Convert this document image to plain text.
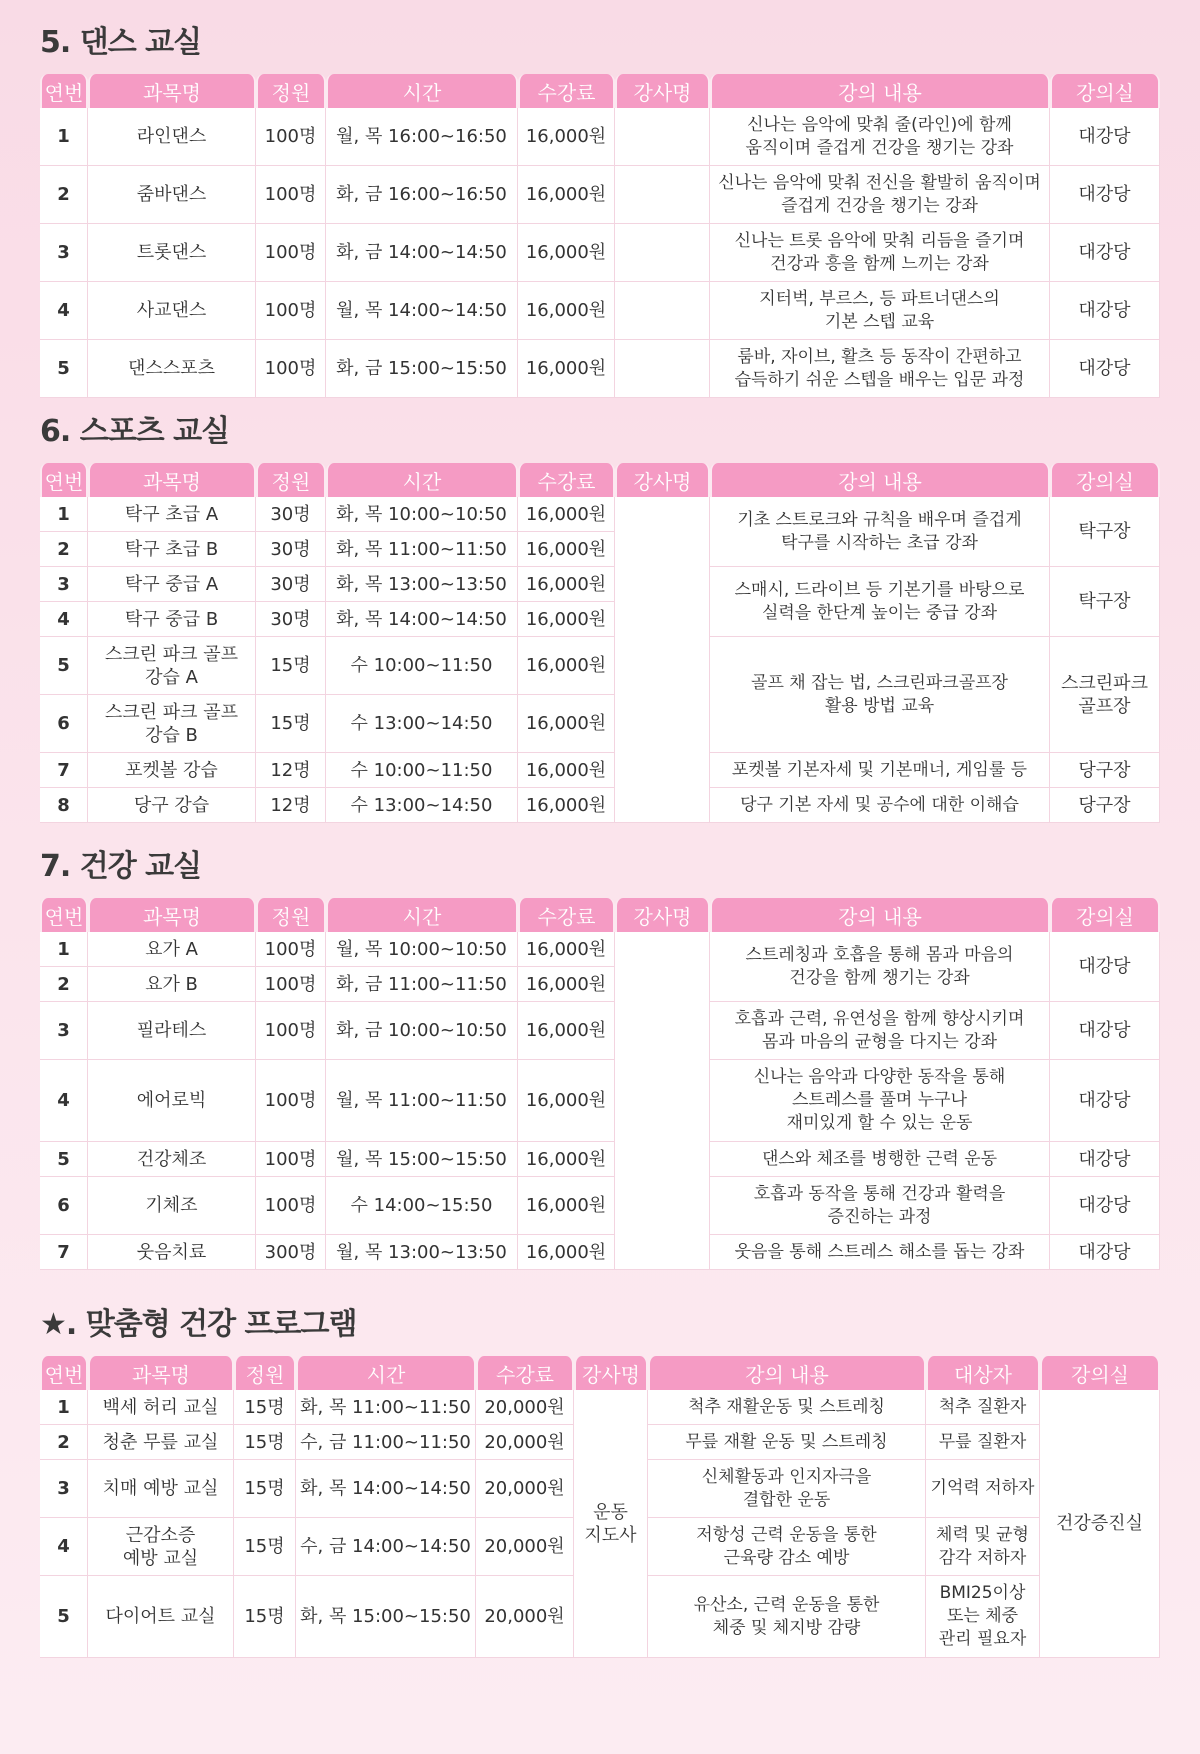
5. 댄스 교실
연번	과목명	정원	시간	수강료	강사명	강의 내용	강의실
1	라인댄스	100명	월, 목 16:00~16:50	16,000원		신나는 음악에 맞춰 줄(라인)에 함께
움직이며 즐겁게 건강을 챙기는 강좌	대강당
2	줌바댄스	100명	화, 금 16:00~16:50	16,000원		신나는 음악에 맞춰 전신을 활발히 움직이며
즐겁게 건강을 챙기는 강좌	대강당
3	트롯댄스	100명	화, 금 14:00~14:50	16,000원		신나는 트롯 음악에 맞춰 리듬을 즐기며
건강과 흥을 함께 느끼는 강좌	대강당
4	사교댄스	100명	월, 목 14:00~14:50	16,000원		지터벅, 부르스, 등 파트너댄스의
기본 스텝 교육	대강당
5	댄스스포츠	100명	화, 금 15:00~15:50	16,000원		룸바, 자이브, 활츠 등 동작이 간편하고
습득하기 쉬운 스텝을 배우는 입문 과정	대강당
6. 스포츠 교실
연번	과목명	정원	시간	수강료	강사명	강의 내용	강의실
1	탁구 초급 A	30명	화, 목 10:00~10:50	16,000원		기초 스트로크와 규칙을 배우며 즐겁게
탁구를 시작하는 초급 강좌	탁구장
2	탁구 초급 B	30명	화, 목 11:00~11:50	16,000원			
3	탁구 중급 A	30명	화, 목 13:00~13:50	16,000원		스매시, 드라이브 등 기본기를 바탕으로
실력을 한단계 높이는 중급 강좌	탁구장
4	탁구 중급 B	30명	화, 목 14:00~14:50	16,000원			
5	스크린 파크 골프
강습 A	15명	수 10:00~11:50	16,000원		골프 채 잡는 법, 스크린파크골프장
활용 방법 교육	스크린파크
골프장
6	스크린 파크 골프
강습 B	15명	수 13:00~14:50	16,000원			
7	포켓볼 강습	12명	수 10:00~11:50	16,000원		포켓볼 기본자세 및 기본매너, 게임룰 등	당구장
8	당구 강습	12명	수 13:00~14:50	16,000원		당구 기본 자세 및 공수에 대한 이해습	당구장
7. 건강 교실
연번	과목명	정원	시간	수강료	강사명	강의 내용	강의실
1	요가 A	100명	월, 목 10:00~10:50	16,000원		스트레칭과 호흡을 통해 몸과 마음의
건강을 함께 챙기는 강좌	대강당
2	요가 B	100명	화, 금 11:00~11:50	16,000원			
3	필라테스	100명	화, 금 10:00~10:50	16,000원		호흡과 근력, 유연성을 함께 향상시키며
몸과 마음의 균형을 다지는 강좌	대강당
4	에어로빅	100명	월, 목 11:00~11:50	16,000원		신나는 음악과 다양한 동작을 통해
스트레스를 풀며 누구나
재미있게 할 수 있는 운동	대강당
5	건강체조	100명	월, 목 15:00~15:50	16,000원		댄스와 체조를 병행한 근력 운동	대강당
6	기체조	100명	수 14:00~15:50	16,000원		호흡과 동작을 통해 건강과 활력을
증진하는 과정	대강당
7	웃음치료	300명	월, 목 13:00~13:50	16,000원		웃음을 통해 스트레스 해소를 돕는 강좌	대강당
★. 맞춤형 건강 프로그램
연번	과목명	정원	시간	수강료	강사명	강의 내용	대상자	강의실
1	백세 허리 교실	15명	화, 목 11:00~11:50	20,000원	운동
지도사	척추 재활운동 및 스트레칭	척추 질환자	건강증진실
2	청춘 무릎 교실	15명	수, 금 11:00~11:50	20,000원		무릎 재활 운동 및 스트레칭	무릎 질환자	
3	치매 예방 교실	15명	화, 목 14:00~14:50	20,000원		신체활동과 인지자극을
결합한 운동	기억력 저하자	
4	근감소증
예방 교실	15명	수, 금 14:00~14:50	20,000원		저항성 근력 운동을 통한
근육량 감소 예방	체력 및 균형
감각 저하자	
5	다이어트 교실	15명	화, 목 15:00~15:50	20,000원		유산소, 근력 운동을 통한
체중 및 체지방 감량	BMI25이상
또는 체중
관리 필요자	
